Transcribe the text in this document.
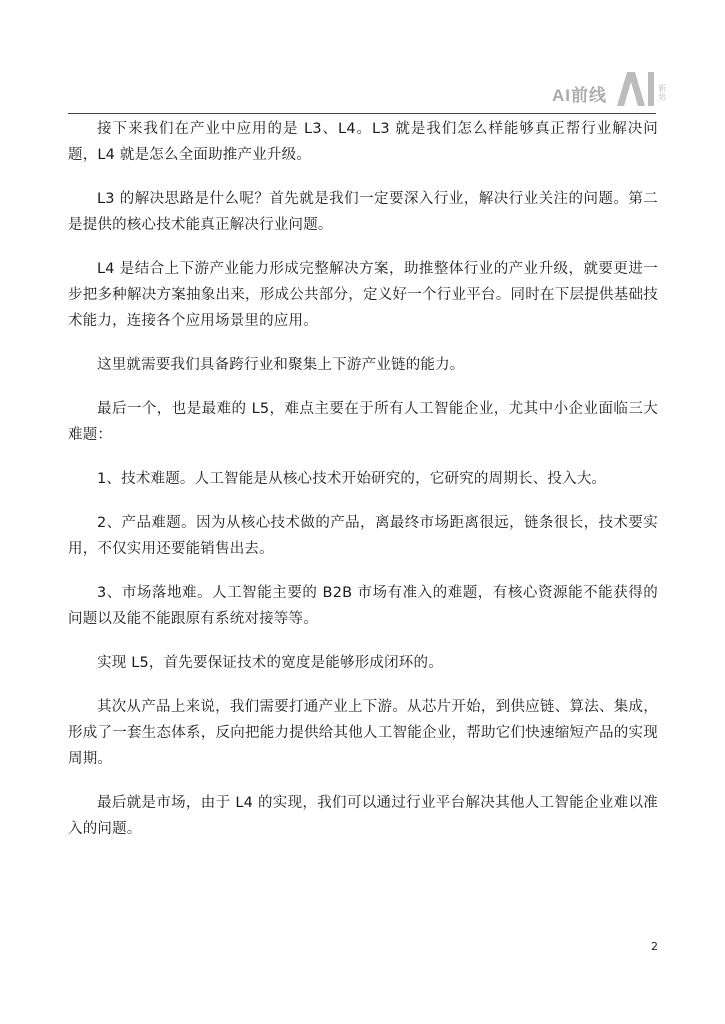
AI前线	新势

接下来我们在产业中应用的是 L3、L4。L3 就是我们怎么样能够真正帮行业解决问题，L4 就是怎么全面助推产业升级。

L3 的解决思路是什么呢？首先就是我们一定要深入行业，解决行业关注的问题。第二是提供的核心技术能真正解决行业问题。

L4 是结合上下游产业能力形成完整解决方案，助推整体行业的产业升级，就要更进一步把多种解决方案抽象出来，形成公共部分，定义好一个行业平台。同时在下层提供基础技术能力，连接各个应用场景里的应用。

这里就需要我们具备跨行业和聚集上下游产业链的能力。

最后一个，也是最难的 L5，难点主要在于所有人工智能企业，尤其中小企业面临三大难题：

1、技术难题。人工智能是从核心技术开始研究的，它研究的周期长、投入大。

2、产品难题。因为从核心技术做的产品，离最终市场距离很远，链条很长，技术要实用，不仅实用还要能销售出去。

3、市场落地难。人工智能主要的 B2B 市场有准入的难题，有核心资源能不能获得的问题以及能不能跟原有系统对接等等。

实现 L5，首先要保证技术的宽度是能够形成闭环的。

其次从产品上来说，我们需要打通产业上下游。从芯片开始，到供应链、算法、集成，形成了一套生态体系，反向把能力提供给其他人工智能企业，帮助它们快速缩短产品的实现周期。

最后就是市场，由于 L4 的实现，我们可以通过行业平台解决其他人工智能企业难以准入的问题。

2
